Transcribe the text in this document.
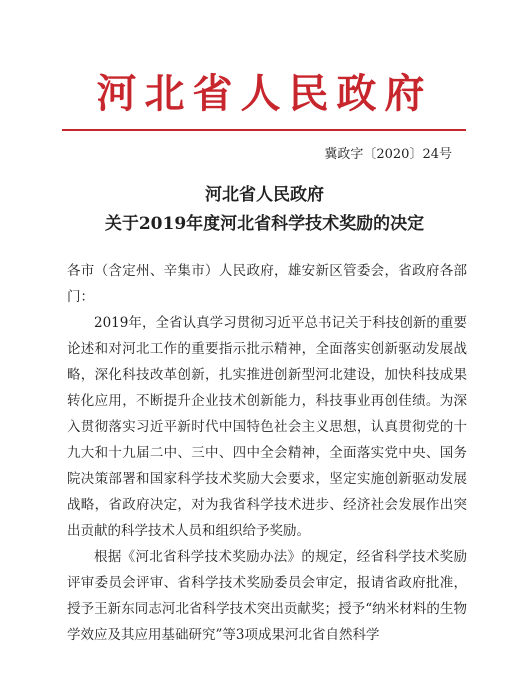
河北省人民政府
冀政字〔2020〕24号
河北省人民政府
关于2019年度河北省科学技术奖励的决定

各市（含定州、辛集市）人民政府，雄安新区管委会，省政府各部门：

2019年，全省认真学习贯彻习近平总书记关于科技创新的重要论述和对河北工作的重要指示批示精神，全面落实创新驱动发展战略，深化科技改革创新，扎实推进创新型河北建设，加快科技成果转化应用，不断提升企业技术创新能力，科技事业再创佳绩。为深入贯彻落实习近平新时代中国特色社会主义思想，认真贯彻党的十九大和十九届二中、三中、四中全会精神，全面落实党中央、国务院决策部署和国家科学技术奖励大会要求，坚定实施创新驱动发展战略，省政府决定，对为我省科学技术进步、经济社会发展作出突出贡献的科学技术人员和组织给予奖励。

根据《河北省科学技术奖励办法》的规定，经省科学技术奖励评审委员会评审、省科学技术奖励委员会审定，报请省政府批准，授予王新东同志河北省科学技术突出贡献奖；授予“纳米材料的生物学效应及其应用基础研究”等3项成果河北省自然科学
